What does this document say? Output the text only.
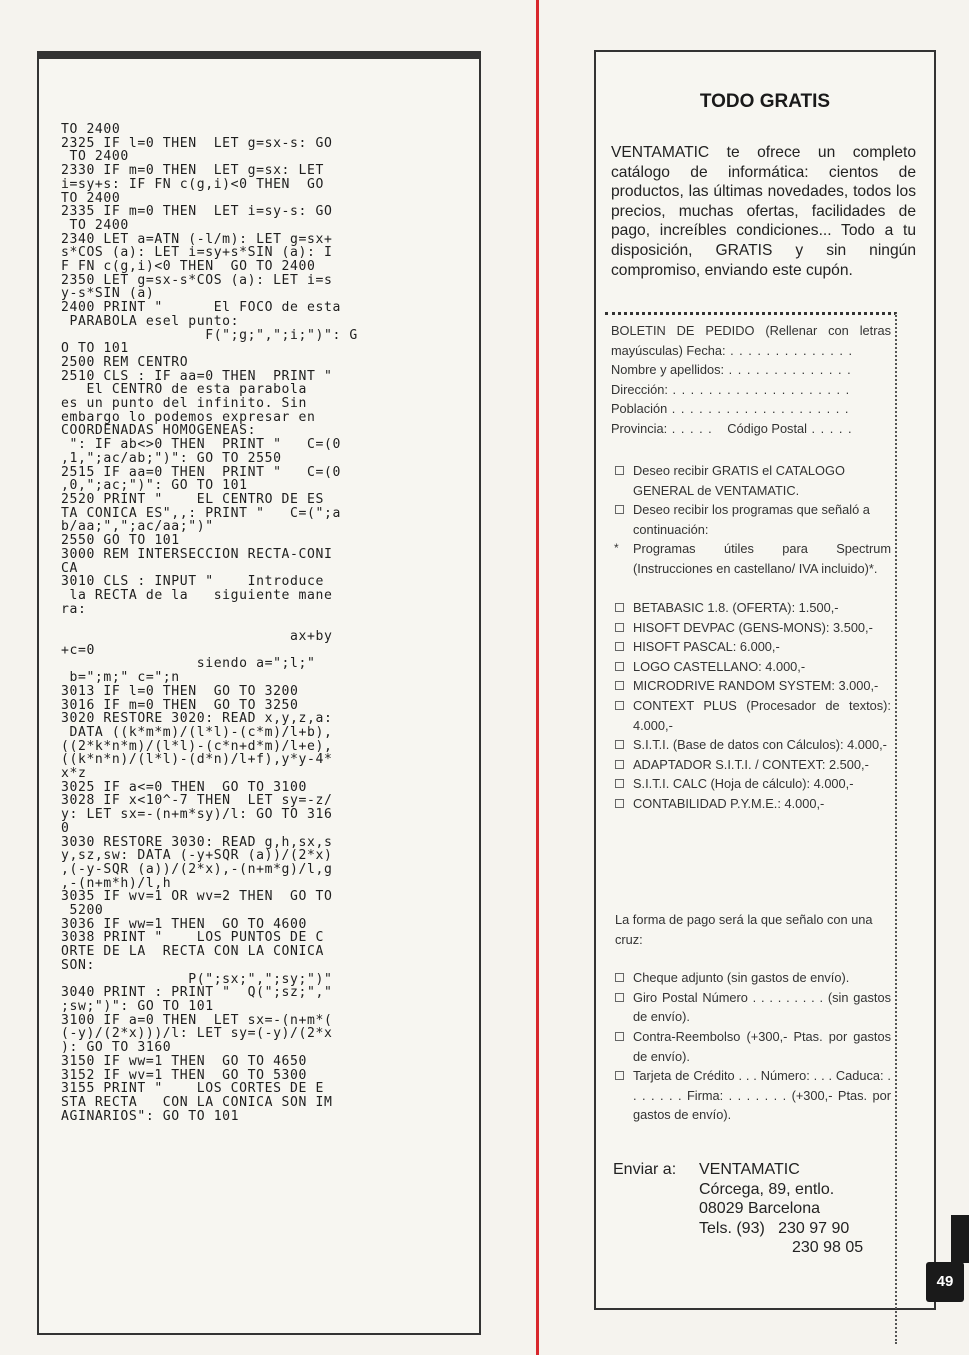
TO 2400
2325 IF l=0 THEN  LET g=sx-s: GO
TO 2400
2330 IF m=0 THEN  LET g=sx: LET
i=sy+s: IF FN c(g,i)<0 THEN  GO
TO 2400
2335 IF m=0 THEN  LET i=sy-s: GO
TO 2400
2340 LET a=ATN (-l/m): LET g=sx+
s*COS (a): LET i=sy+s*SIN (a): I
F FN c(g,i)<0 THEN  GO TO 2400
2350 LET g=sx-s*COS (a): LET i=s
y-s*SIN (a)
2400 PRINT "      El FOCO de esta
PARABOLA esel punto:
F(";g;",";i;")": G
O TO 101
2500 REM CENTRO
2510 CLS : IF aa=0 THEN  PRINT "
El CENTRO de esta parabola
es un punto del infinito. Sin
embargo lo podemos expresar en
COORDENADAS HOMOGENEAS:
": IF ab<>0 THEN  PRINT "   C=(0
,1,";ac/ab;")": GO TO 2550
2515 IF aa=0 THEN  PRINT "   C=(0
,0,";ac;")": GO TO 101
2520 PRINT "    EL CENTRO DE ES
TA CONICA ES",,: PRINT "   C=(";a
b/aa;",";ac/aa;")"
2550 GO TO 101
3000 REM INTERSECCION RECTA-CONI
CA
3010 CLS : INPUT "    Introduce
la RECTA de la   siguiente mane
ra:

ax+by
+c=0
siendo a=";l;"
b=";m;" c=";n
3013 IF l=0 THEN  GO TO 3200
3016 IF m=0 THEN  GO TO 3250
3020 RESTORE 3020: READ x,y,z,a:
DATA ((k*m*m)/(l*l)-(c*m)/l+b),
((2*k*n*m)/(l*l)-(c*n+d*m)/l+e),
((k*n*n)/(l*l)-(d*n)/l+f),y*y-4*
x*z
3025 IF a<=0 THEN  GO TO 3100
3028 IF x<10^-7 THEN  LET sy=-z/
y: LET sx=-(n+m*sy)/l: GO TO 316
0
3030 RESTORE 3030: READ g,h,sx,s
y,sz,sw: DATA (-y+SQR (a))/(2*x)
,(-y-SQR (a))/(2*x),-(n+m*g)/l,g
,-(n+m*h)/l,h
3035 IF wv=1 OR wv=2 THEN  GO TO
5200
3036 IF ww=1 THEN  GO TO 4600
3038 PRINT "    LOS PUNTOS DE C
ORTE DE LA  RECTA CON LA CONICA
SON:
P(";sx;",";sy;")"
3040 PRINT : PRINT "  Q(";sz;","
;sw;")": GO TO 101
3100 IF a=0 THEN  LET sx=-(n+m*(
(-y)/(2*x)))/l: LET sy=(-y)/(2*x
): GO TO 3160
3150 IF ww=1 THEN  GO TO 4650
3152 IF wv=1 THEN  GO TO 5300
3155 PRINT "    LOS CORTES DE E
STA RECTA   CON LA CONICA SON IM
AGINARIOS": GO TO 101
TODO GRATIS
VENTAMATIC te ofrece un completo catálogo de informática: cientos de productos, las últimas novedades, todos los precios, muchas ofertas, facilidades de pago, increíbles condiciones... Todo a tu disposición, GRATIS y sin ningún compromiso, enviando este cupón.
BOLETIN DE PEDIDO (Rellenar con letras mayúsculas) Fecha: . . . . . . . . . . . . . .
Nombre y apellidos: . . . . . . . . . . . . . .
Dirección: . . . . . . . . . . . . . . . . . . . .
Población . . . . . . . . . . . . . . . . . . . .
Provincia: . . . . . Código Postal . . . . .
Deseo recibir GRATIS el CATALOGO GENERAL de VENTAMATIC.
Deseo recibir los programas que señaló a continuación:
* Programas útiles para Spectrum (Instrucciones en castellano/ IVA incluido)*.
BETABASIC 1.8. (OFERTA): 1.500,-
HISOFT DEVPAC (GENS-MONS): 3.500,-
HISOFT PASCAL: 6.000,-
LOGO CASTELLANO: 4.000,-
MICRODRIVE RANDOM SYSTEM: 3.000,-
CONTEXT PLUS (Procesador de textos): 4.000,-
S.I.T.I. (Base de datos con Cálculos): 4.000,-
ADAPTADOR S.I.T.I. / CONTEXT: 2.500,-
S.I.T.I. CALC (Hoja de cálculo): 4.000,-
CONTABILIDAD P.Y.M.E.: 4.000,-
La forma de pago será la que señalo con una cruz:
Cheque adjunto (sin gastos de envío).
Giro Postal Número . . . . . . . . . (sin gastos de envío).
Contra-Reembolso (+300,- Ptas. por gastos de envío).
Tarjeta de Crédito . . . Número: . . . Caduca: . . . . . . . Firma: . . . . . . . (+300,- Ptas. por gastos de envío).
Enviar a:	VENTAMATIC
Córcega, 89, entlo.
08029 Barcelona
Tels. (93)   230 97 90
230 98 05
49
